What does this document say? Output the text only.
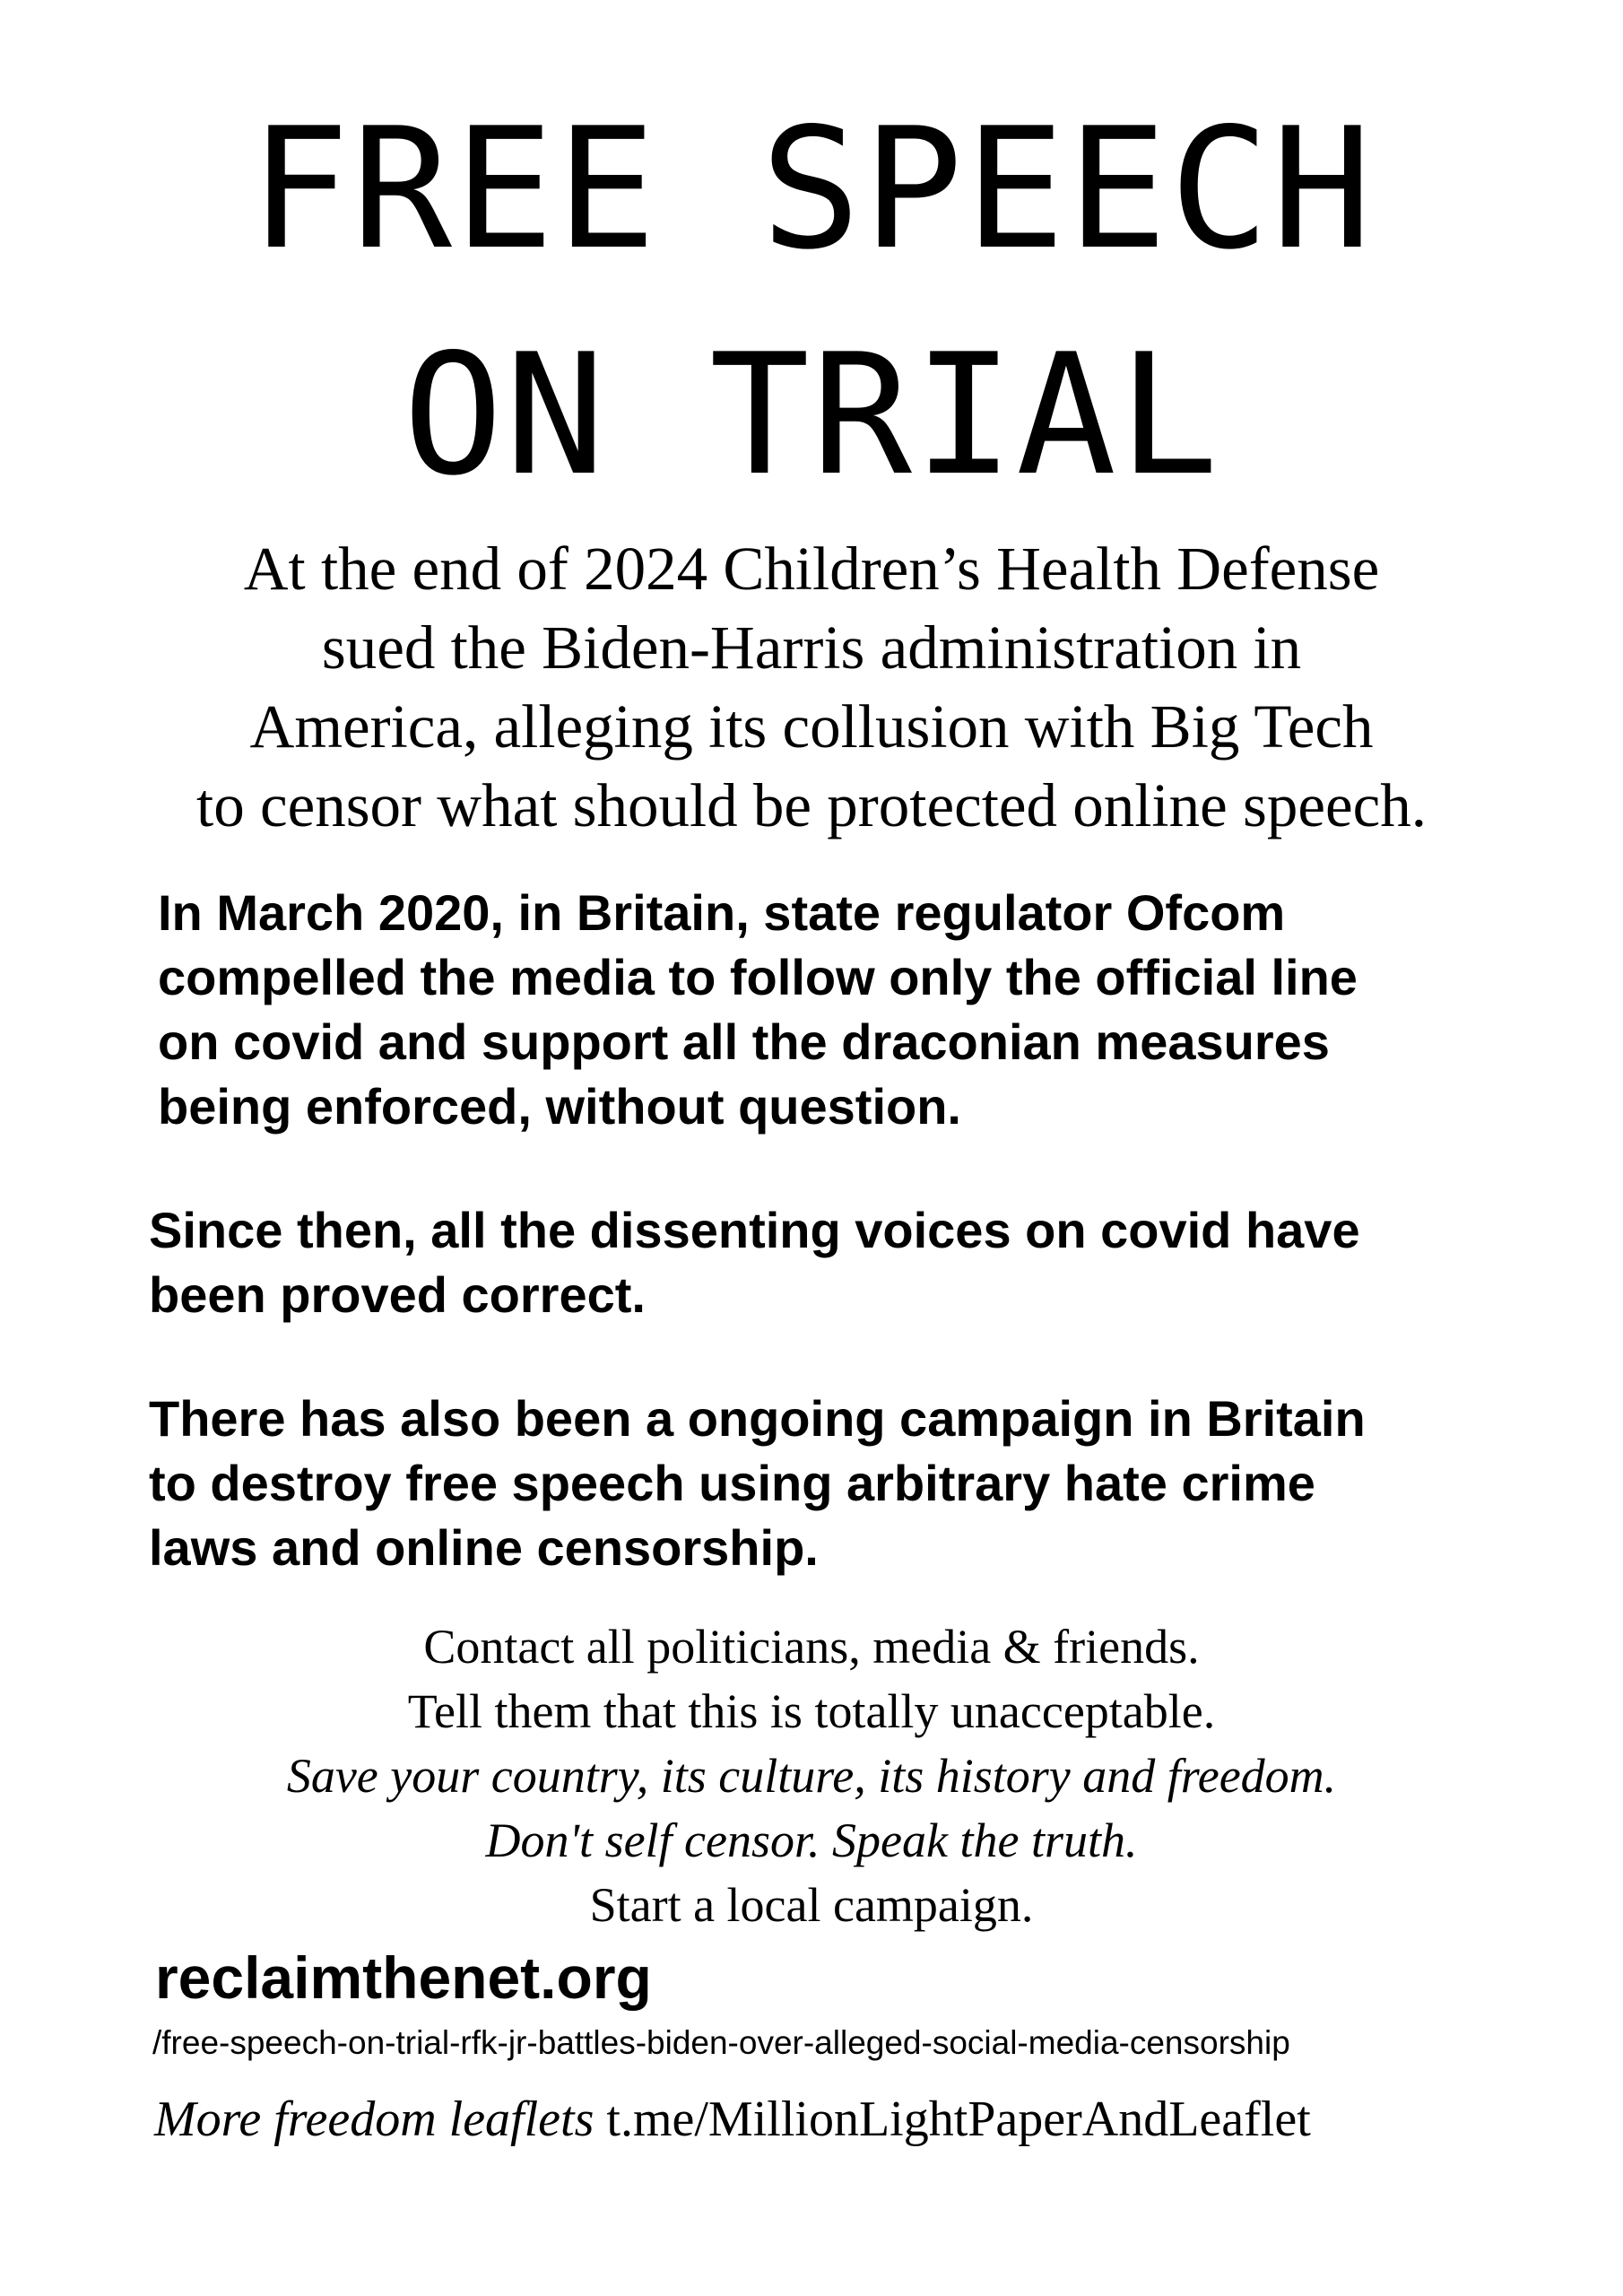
FREE SPEECH
ON TRIAL
At the end of 2024 Children’s Health Defense
sued the Biden-Harris administration in
America, alleging its collusion with Big Tech
to censor what should be protected online speech.
In March 2020, in Britain, state regulator Ofcom
compelled the media to follow only the official line
on covid and support all the draconian measures
being enforced, without question.
Since then, all the dissenting voices on covid have
been proved correct.
There has also been a ongoing campaign in Britain
to destroy free speech using arbitrary hate crime
laws and online censorship.
Contact all politicians, media & friends.
Tell them that this is totally unacceptable.
Save your country, its culture, its history and freedom.
Don't self censor. Speak the truth.
Start a local campaign.
reclaimthenet.org
/free-speech-on-trial-rfk-jr-battles-biden-over-alleged-social-media-censorship
More freedom leaflets t.me/MillionLightPaperAndLeaflet
